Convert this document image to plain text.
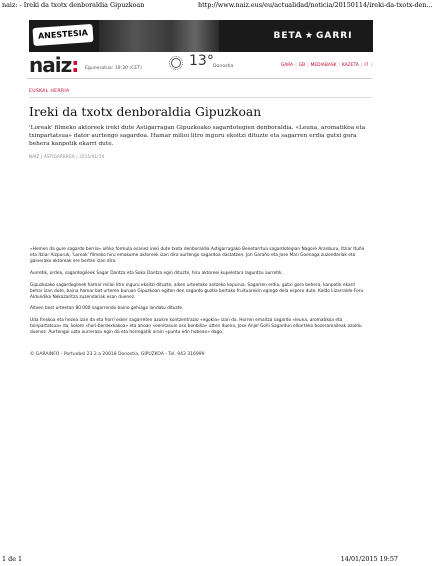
naiz: - Ireki da txotx denboraldia Gipuzkoan	http://www.naiz.eus/eu/actualidad/noticia/20150114/ireki-da-txotx-den...
ANESTESIA	BETA ★ GARRI
naiz: Eguneratua: 19:30 (CET)	13° Donostia	GARA | GB | MEDIABASK | KAZETA | I7 |
EUSKAL HERRIA
Ireki da txotx denboraldia Gipuzkoan
'Loreak' filmeko aktoreek ireki dute Astigarragan Gipuzkoako sagardotegien denboraldia. «Leuna, aromatikoa eta txinpartatsua» dator aurtengo sagardoa. Hamar milioi litro inguru ekoitzi dituzte eta sagarren erdia gutxi gora behera kanpotik ekarri dute.
NAIZ | ASTIGARRAGA | 2015/01/14

«Hemen da gure sagardo berria» oihko formula esanez ireki dute txotx denboraldia Astigarragako Benetarrtua sagardotegian Nagore Aranburu, Itziar Ituño eta Itziar Aizpuruk, 'Loreak' filmeko hiru emakume aktoreek izan dira aurtengo sagardoa dastatzen. Jon Garaño eta Jose Mari Goenaga zuzendariak eta gainerako aktoreak ere bertan izan dira.

Aurretik, ordea, sagardogileek Sagar Dantza eta Soka Dantza egin dituzte, hiru aktoreei kupeletara laguntzu aurretik.

Gipuzkoako sagardogileek hamar milioi litro inguru ekoitzi dituzte, aiken urteetako antzeko kopurua. Sagarren erdia, gutxi gora behera, kanpotik ekarri behar izan dute, baina hamar bat urteren buruan Gipuzkoan egiten den sagardo guztia bertako fruituarekin egingo dela espero dute. Koldo Lizarralde Foru Aldundiko Nekazaritza zuzendariak esan duenez.

Aitxen bost urteetan 80.000 sagarrondo baino gehiago landatu dituzte.

Uda freskoa eta hezea izan da eta horri esker sagarreten azukre kontzentrazio «egokia» izan da. Horren emaitza sagardo «leuna, aromatikoa eta txinpartatsua» da, kolore «hori-berdexkakoa» eta ahoan «eenitasuin oso bonbilia» utten duena, Jose Anjel Goñi Sagardun elkarteko bozeramaileak azaldu duenez. Aurtengoi uzta aurrerazu egin da eta horregatik orain «puntu edn hobean» dago.

© GARAINFO - Portuebel 23 2.a 20018 Donostia, GIPUZKOA - Tel. 943 316999
1 de 1	14/01/2015 19:57
